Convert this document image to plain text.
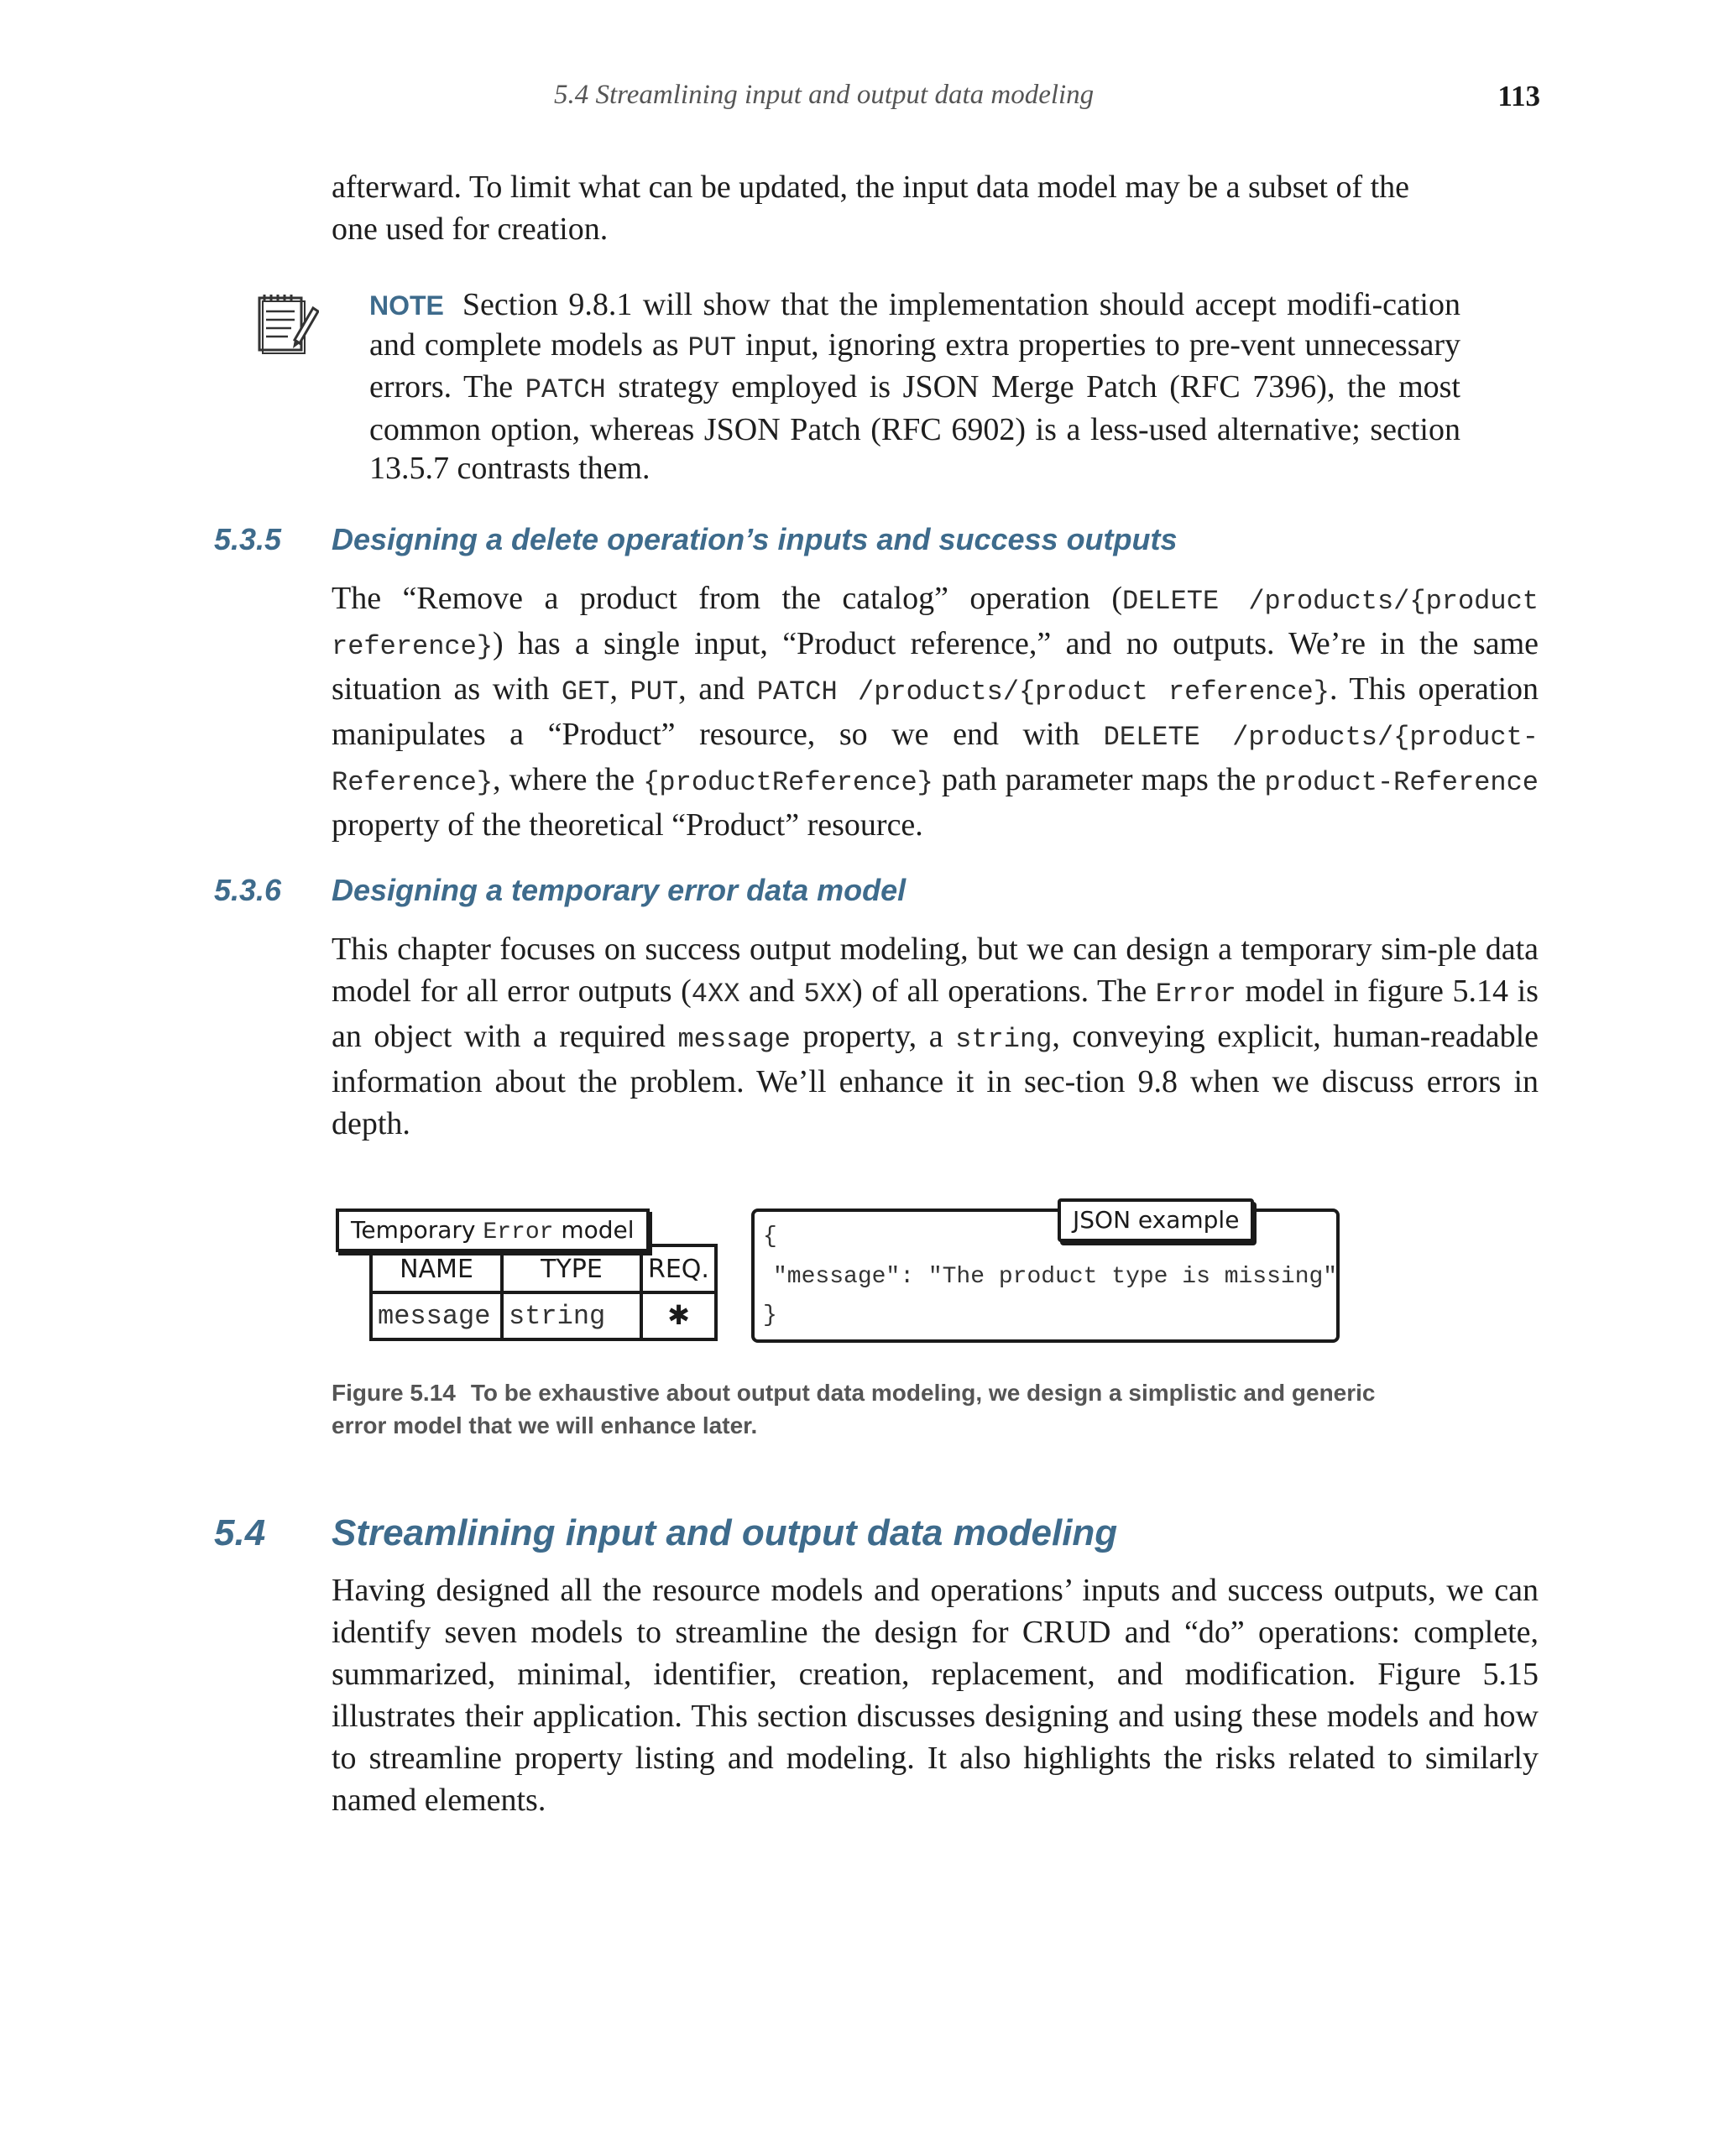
5.4 Streamlining input and output data modeling	113

afterward. To limit what can be updated, the input data model may be a subset of the
one used for creation.

NOTE Section 9.8.1 will show that the implementation should accept modifi-cation and complete models as PUT input, ignoring extra properties to pre-vent unnecessary errors. The PATCH strategy employed is JSON Merge Patch (RFC 7396), the most common option, whereas JSON Patch (RFC 6902) is a less-used alternative; section 13.5.7 contrasts them.

5.3.5 Designing a delete operation’s inputs and success outputs

The “Remove a product from the catalog” operation (DELETE /products/{product reference}) has a single input, “Product reference,” and no outputs. We’re in the same situation as with GET, PUT, and PATCH /products/{product reference}. This operation manipulates a “Product” resource, so we end with DELETE /products/{product-Reference}, where the {productReference} path parameter maps the product-Reference property of the theoretical “Product” resource.

5.3.6 Designing a temporary error data model

This chapter focuses on success output modeling, but we can design a temporary sim-ple data model for all error outputs (4XX and 5XX) of all operations. The Error model in figure 5.14 is an object with a required message property, a string, conveying explicit, human-readable information about the problem. We’ll enhance it in sec-tion 9.8 when we discuss errors in depth.

NAME	TYPE	REQ.
message	string	✱
Temporary Error model	{
"message": "The product type is missing"
}
JSON example

Figure 5.14 To be exhaustive about output data modeling, we design a simplistic and generic error model that we will enhance later.

5.4 Streamlining input and output data modeling

Having designed all the resource models and operations’ inputs and success outputs, we can identify seven models to streamline the design for CRUD and “do” operations: complete, summarized, minimal, identifier, creation, replacement, and modification. Figure 5.15 illustrates their application. This section discusses designing and using these models and how to streamline property listing and modeling. It also highlights the risks related to similarly named elements.
